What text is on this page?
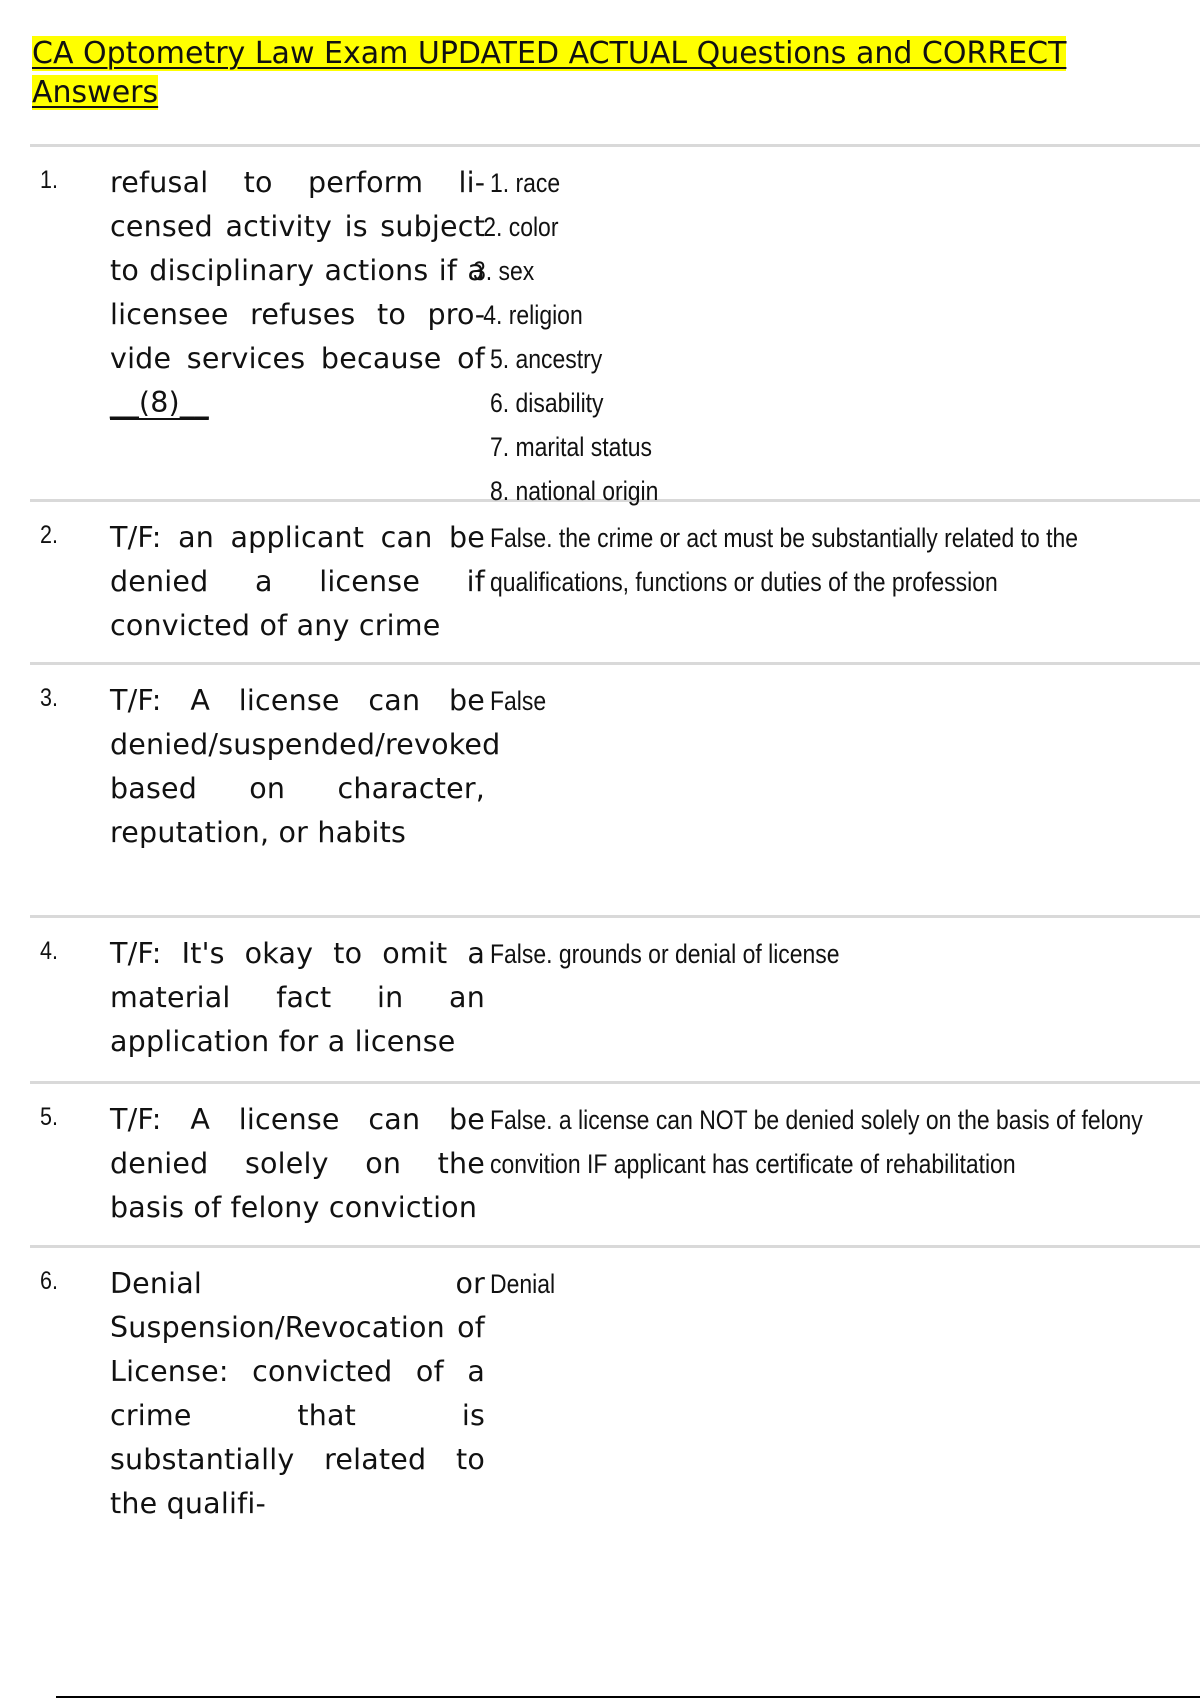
CA Optometry Law Exam UPDATED ACTUAL Questions and CORRECT Answers
1. refusal to perform licensed activity is subject to disciplinary actions if a licensee refuses to provide services because of __(8)__
1. race
2. color
3. sex
4. religion
5. ancestry
6. disability
7. marital status
8. national origin
2. T/F: an applicant can be denied a license if convicted of any crime
False. the crime or act must be substantially related to the qualifications, functions or duties of the profession
3. T/F: A license can be denied/suspended/revoked based on character, reputation, or habits
False
4. T/F: It's okay to omit a material fact in an application for a license
False. grounds or denial of license
5. T/F: A license can be denied solely on the basis of felony conviction
False. a license can NOT be denied solely on the basis of felony convition IF applicant has certificate of rehabilitation
6. Denial or Suspension/Revocation of License: convicted of a crime that is substantially related to the qualifi-
Denial
